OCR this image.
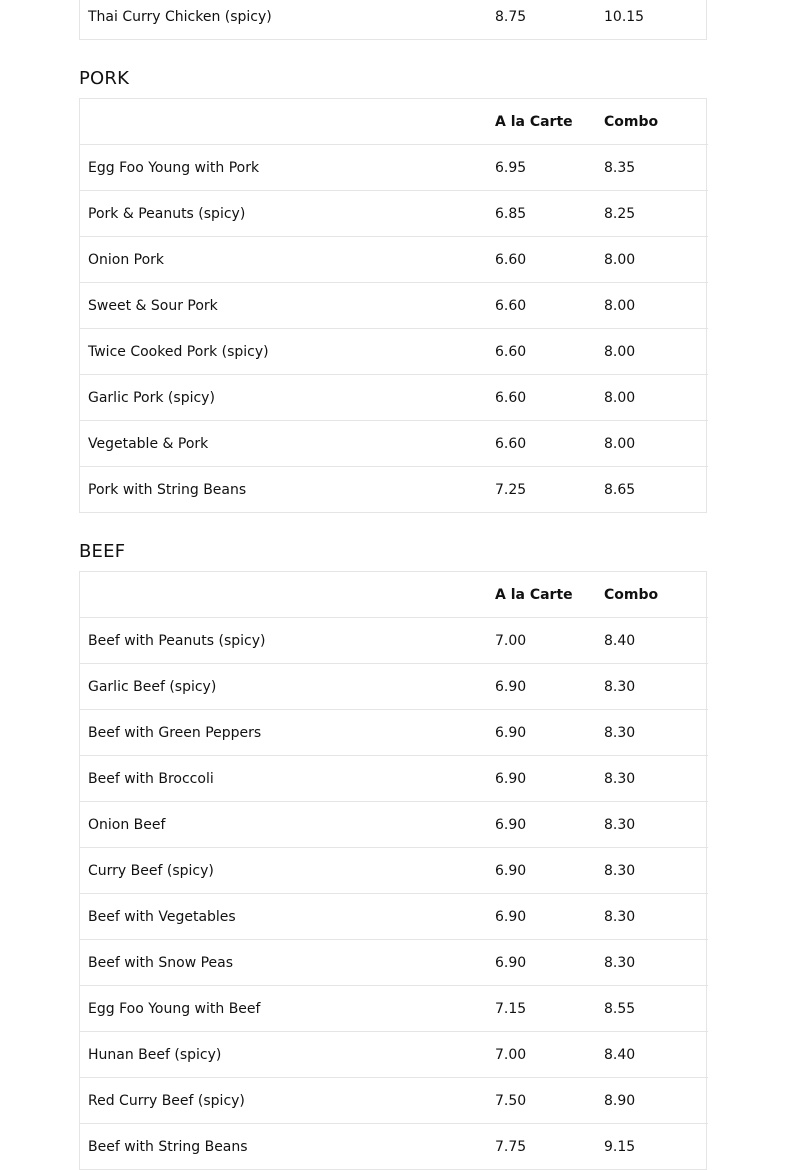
Thai Curry Chicken (spicy)	8.75	10.15
PORK
	A la Carte	Combo
Egg Foo Young with Pork	6.95	8.35
Pork & Peanuts (spicy)	6.85	8.25
Onion Pork	6.60	8.00
Sweet & Sour Pork	6.60	8.00
Twice Cooked Pork (spicy)	6.60	8.00
Garlic Pork (spicy)	6.60	8.00
Vegetable & Pork	6.60	8.00
Pork with String Beans	7.25	8.65
BEEF
	A la Carte	Combo
Beef with Peanuts (spicy)	7.00	8.40
Garlic Beef (spicy)	6.90	8.30
Beef with Green Peppers	6.90	8.30
Beef with Broccoli	6.90	8.30
Onion Beef	6.90	8.30
Curry Beef (spicy)	6.90	8.30
Beef with Vegetables	6.90	8.30
Beef with Snow Peas	6.90	8.30
Egg Foo Young with Beef	7.15	8.55
Hunan Beef (spicy)	7.00	8.40
Red Curry Beef (spicy)	7.50	8.90
Beef with String Beans	7.75	9.15
